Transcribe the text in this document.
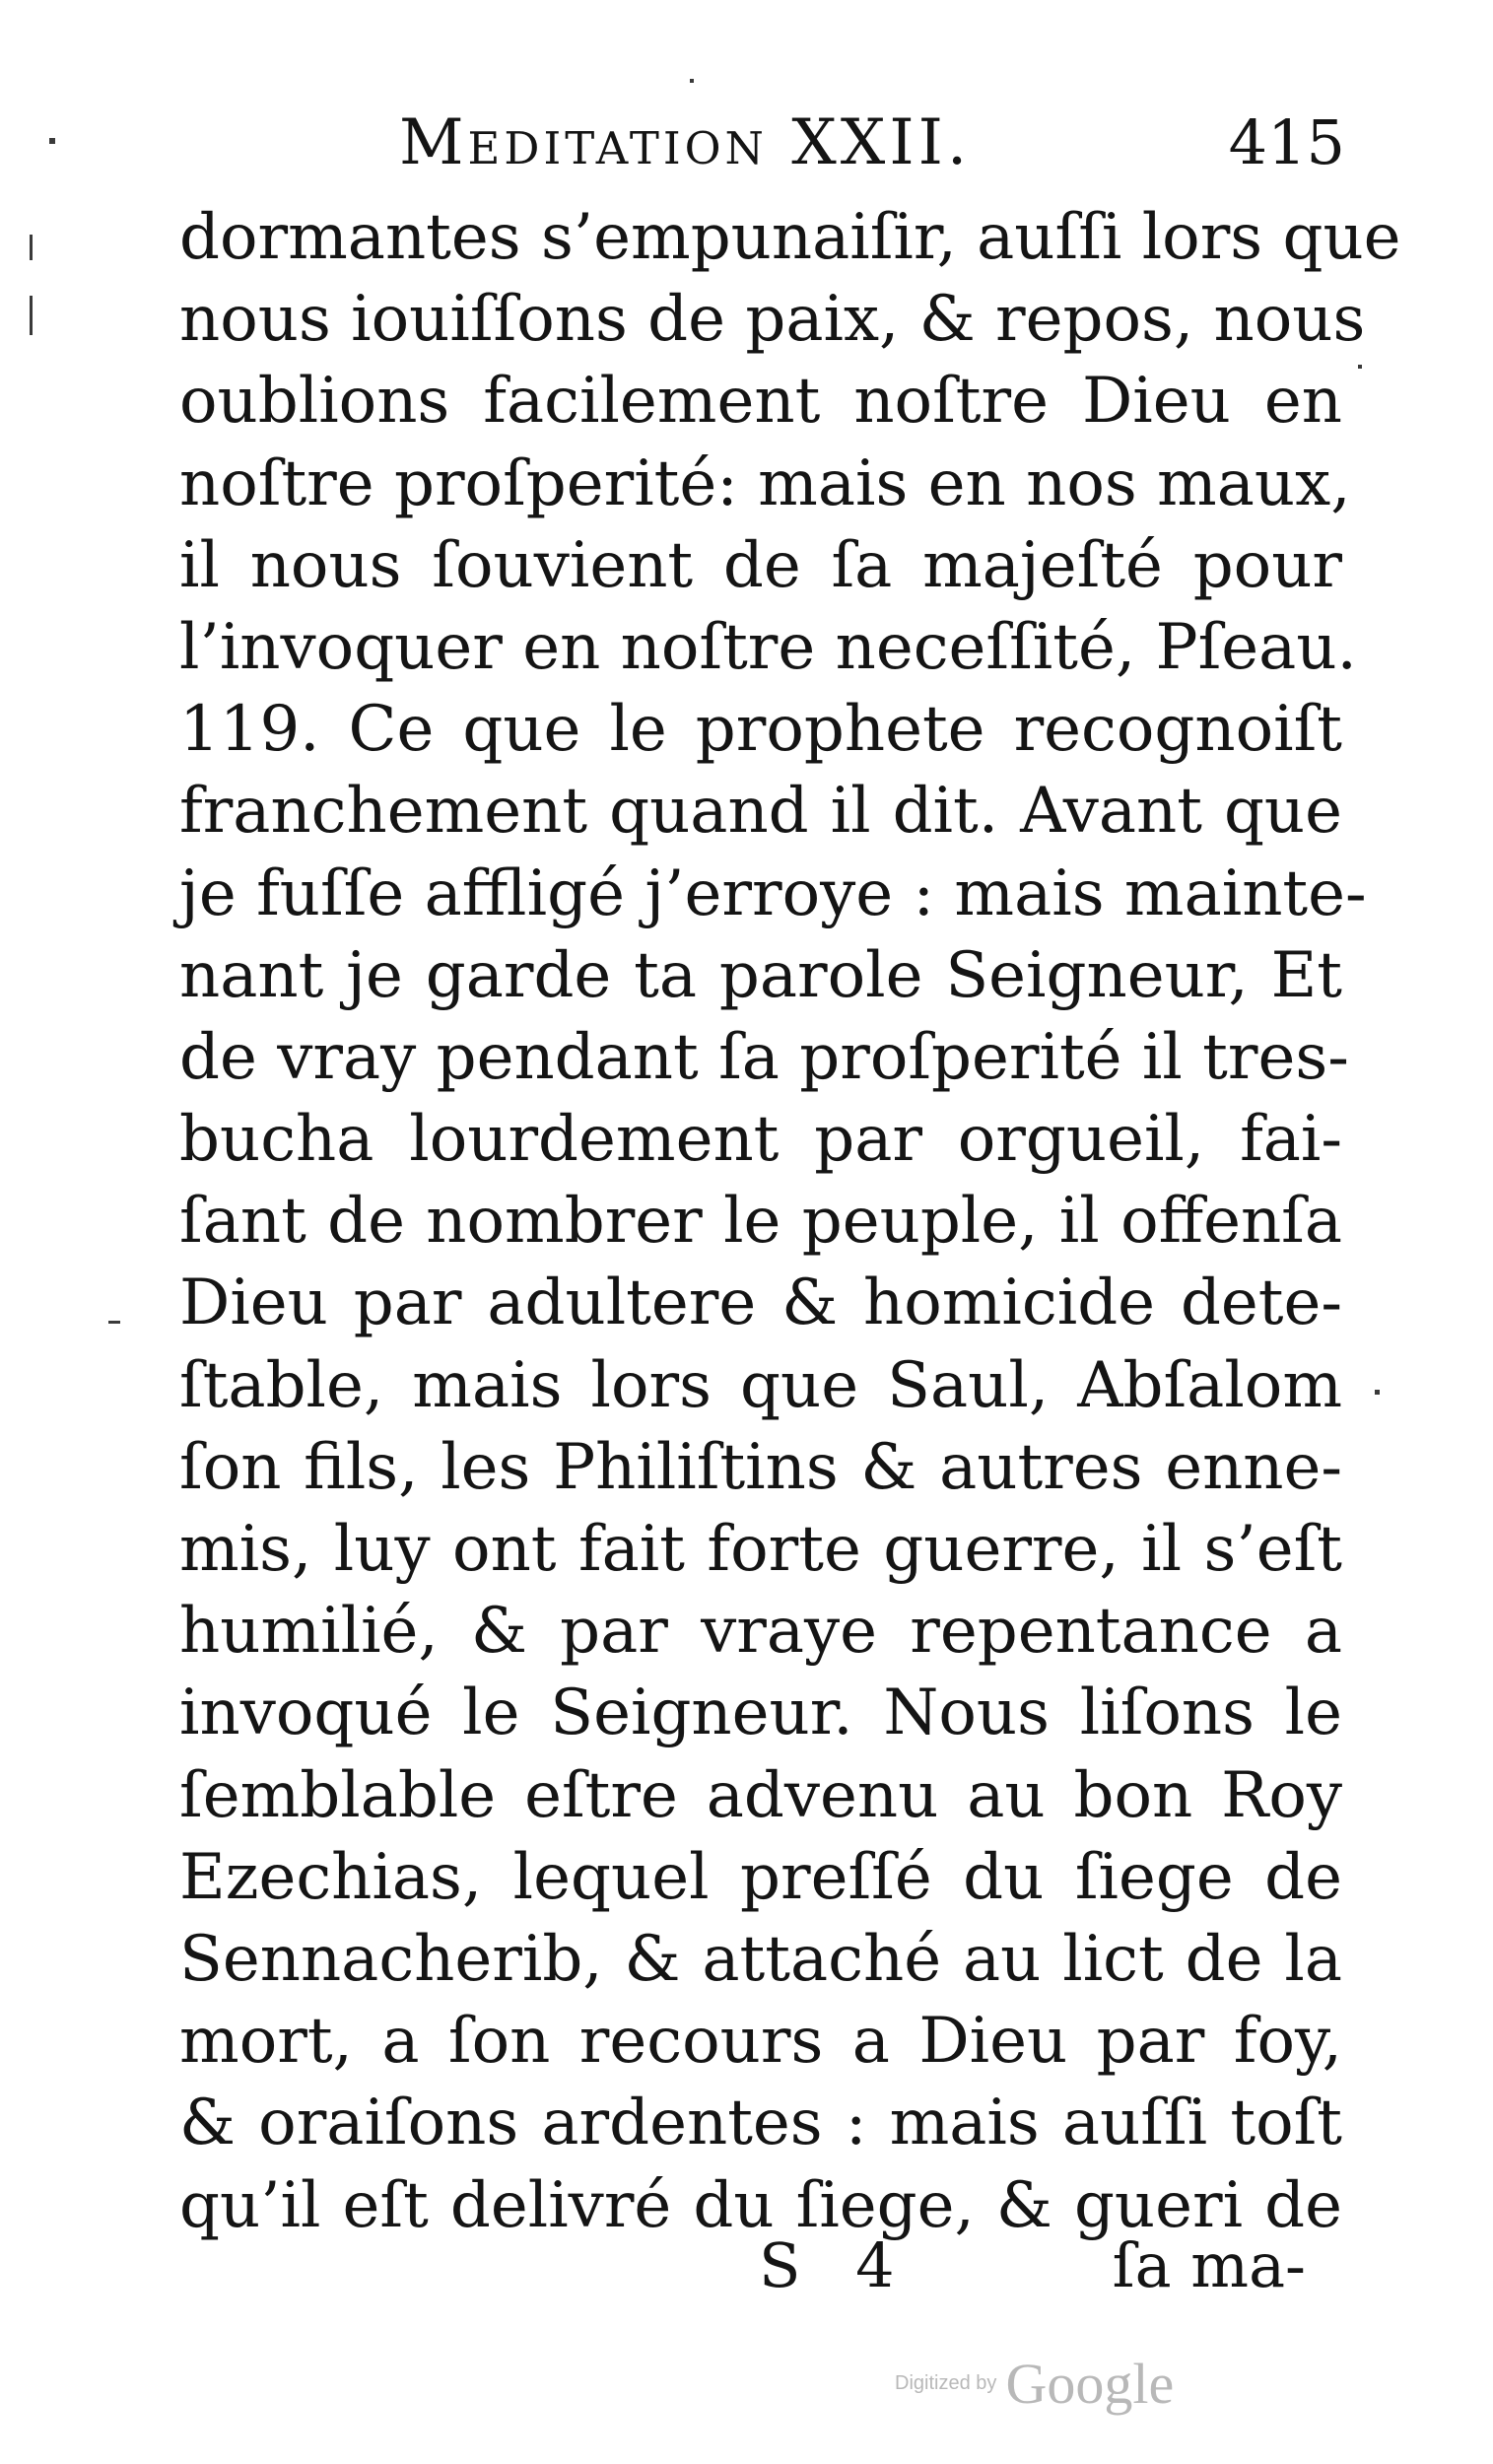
Meditation XXII.	415
dormantes s’empunaiſir, auſſi lors que
nous iouiſſons de paix, & repos, nous
oublions facilement noſtre Dieu en
noſtre proſperité: mais en nos maux,
il nous ſouvient de ſa majeſté pour
l’invoquer en noſtre neceſſité, Pſeau.
119. Ce que le prophete recognoiſt
franchement quand il dit. Avant que
je fuſſe affligé j’erroye : mais mainte-
nant je garde ta parole Seigneur, Et
de vray pendant ſa proſperité il tres-
bucha lourdement par orgueil, fai-
ſant de nombrer le peuple, il offenſa
Dieu par adultere & homicide dete-
ſtable, mais lors que Saul, Abſalom
ſon fils, les Philiſtins & autres enne-
mis, luy ont fait forte guerre, il s’eſt
humilié, & par vraye repentance a
invoqué le Seigneur. Nous liſons le
ſemblable eſtre advenu au bon Roy
Ezechias, lequel preſſé du ſiege de
Sennacherib, & attaché au lict de la
mort, a ſon recours a Dieu par foy,
& oraiſons ardentes : mais auſſi toſt
qu’il eſt delivré du ſiege, & gueri de
S 4	ſa ma-
Digitized by Google
